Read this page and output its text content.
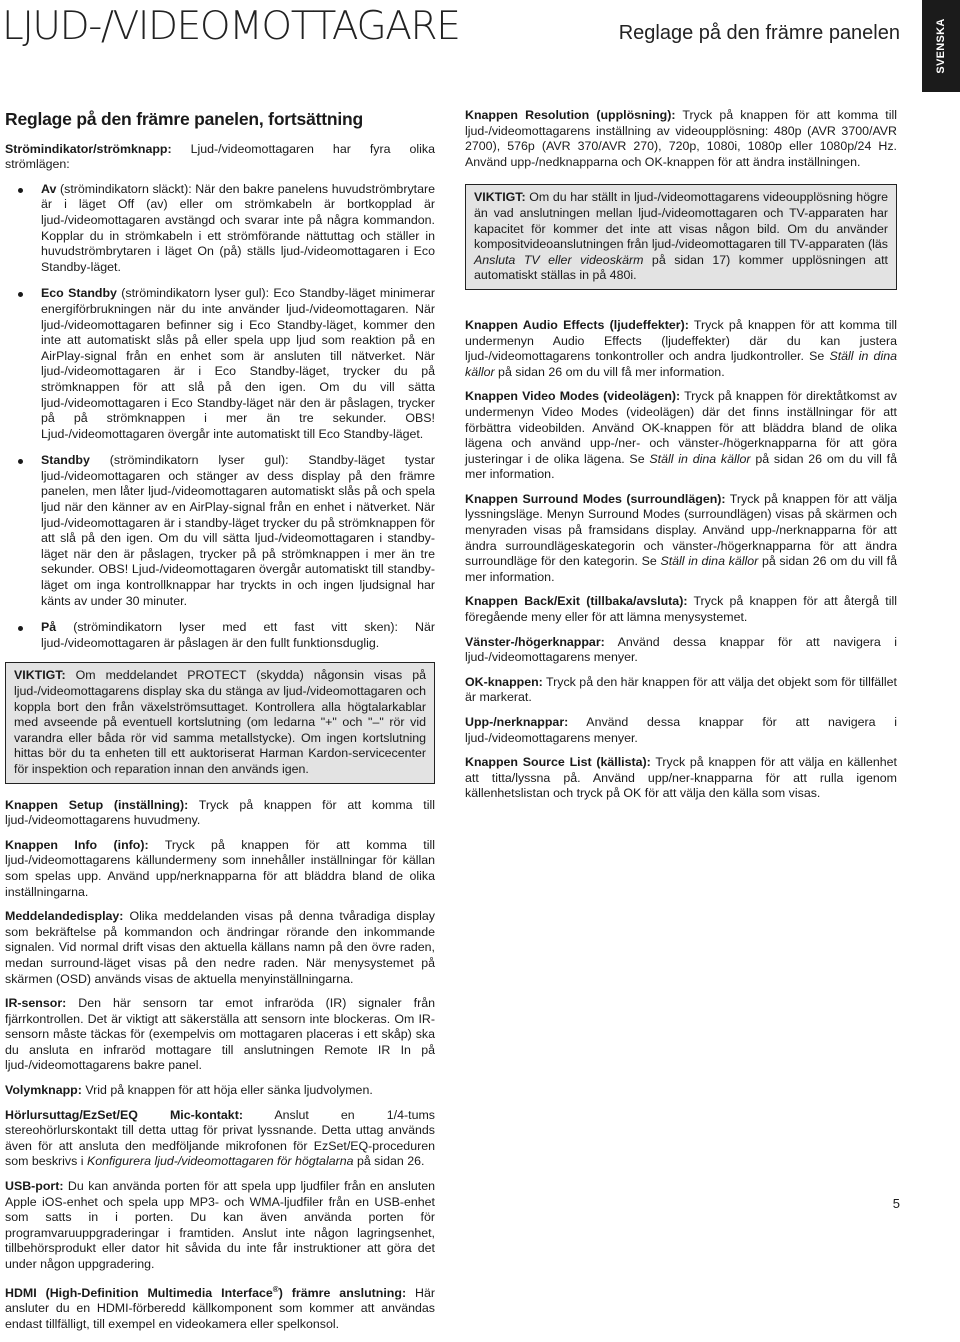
LJUD-/VIDEOMOTTAGARE	Reglage på den främre panelen	SVENSKA
Reglage på den främre panelen, fortsättning
Strömindikator/strömknapp: Ljud-/videomottagaren har fyra olika strömlägen:
Av (strömindikatorn släckt): När den bakre panelens huvudströmbrytare är i läget Off (av) eller om strömkabeln är bortkopplad är ljud-/videomottagaren avstängd och svarar inte på några kommandon. Kopplar du in strömkabeln i ett strömförande nättuttag och ställer in huvudströmbrytaren i läget On (på) ställs ljud-/videomottagaren i Eco Standby-läget.
Eco Standby (strömindikatorn lyser gul): Eco Standby-läget minimerar energiförbrukningen när du inte använder ljud-/videomottagaren. När ljud-/videomottagaren befinner sig i Eco Standby-läget, kommer den inte att automatiskt slås på eller spela upp ljud som reaktion på en AirPlay-signal från en enhet som är ansluten till nätverket. När ljud-/videomottagaren är i Eco Standby-läget, trycker du på strömknappen för att slå på den igen. Om du vill sätta ljud-/videomottagaren i Eco Standby-läget när den är påslagen, trycker på på strömknappen i mer än tre sekunder. OBS! Ljud-/videomottagaren övergår inte automatiskt till Eco Standby-läget.
Standby (strömindikatorn lyser gul): Standby-läget tystar ljud-/videomottagaren och stänger av dess display på den främre panelen, men låter ljud-/videomottagaren automatiskt slås på och spela ljud när den känner av en AirPlay-signal från en enhet i nätverket. När ljud-/videomottagaren är i standby-läget trycker du på strömknappen för att slå på den igen. Om du vill sätta ljud-/videomottagaren i standby-läget när den är påslagen, trycker på på strömknappen i mer än tre sekunder. OBS! Ljud-/videomottagaren övergår automatiskt till standby-läget om inga kontrollknappar har tryckts in och ingen ljudsignal har känts av under 30 minuter.
På (strömindikatorn lyser med ett fast vitt sken): När ljud-/videomottagaren är påslagen är den fullt funktionsduglig.
VIKTIGT: Om meddelandet PROTECT (skydda) någonsin visas på ljud-/videomottagarens display ska du stänga av ljud-/videomottagaren och koppla bort den från växelströmsuttaget. Kontrollera alla högtalarkablar med avseende på eventuell kortslutning (om ledarna "+" och "–" rör vid varandra eller båda rör vid samma metallstycke). Om ingen kortslutning hittas bör du ta enheten till ett auktoriserat Harman Kardon-servicecenter för inspektion och reparation innan den används igen.
Knappen Setup (inställning): Tryck på knappen för att komma till ljud-/videomottagarens huvudmeny.
Knappen Info (info): Tryck på knappen för att komma till ljud-/videomottagarens källundermeny som innehåller inställningar för källan som spelas upp. Använd upp/nerknapparna för att bläddra bland de olika inställningarna.
Meddelandedisplay: Olika meddelanden visas på denna tvåradiga display som bekräftelse på kommandon och ändringar rörande den inkommande signalen. Vid normal drift visas den aktuella källans namn på den övre raden, medan surround-läget visas på den nedre raden. När menysystemet på skärmen (OSD) används visas de aktuella menyinställningarna.
IR-sensor: Den här sensorn tar emot infraröda (IR) signaler från fjärrkontrollen. Det är viktigt att säkerställa att sensorn inte blockeras. Om IR-sensorn måste täckas för (exempelvis om mottagaren placeras i ett skåp) ska du ansluta en infraröd mottagare till anslutningen Remote IR In på ljud-/videomottagarens bakre panel.
Volymknapp: Vrid på knappen för att höja eller sänka ljudvolymen.
Hörlursuttag/EzSet/EQ Mic-kontakt: Anslut en 1/4-tums stereohörlurskontakt till detta uttag för privat lyssnande. Detta uttag används även för att ansluta den medföljande mikrofonen för EzSet/EQ-proceduren som beskrivs i Konfigurera ljud-/videomottagaren för högtalarna på sidan 26.
USB-port: Du kan använda porten för att spela upp ljudfiler från en ansluten Apple iOS-enhet och spela upp MP3- och WMA-ljudfiler från en USB-enhet som satts in i porten. Du kan även använda porten för programvaruuppgraderingar i framtiden. Anslut inte någon lagringsenhet, tillbehörsprodukt eller dator hit såvida du inte får instruktioner att göra det under någon uppgradering.
HDMI (High-Definition Multimedia Interface®) främre anslutning: Här ansluter du en HDMI-förberedd källkomponent som kommer att användas endast tillfälligt, till exempel en videokamera eller spelkonsol.
Knappen Resolution (upplösning): Tryck på knappen för att komma till ljud-/videomottagarens inställning av videoupplösning: 480p (AVR 3700/AVR 2700), 576p (AVR 370/AVR 270), 720p, 1080i, 1080p eller 1080p/24 Hz. Använd upp-/nedknapparna och OK-knappen för att ändra inställningen.
VIKTIGT: Om du har ställt in ljud-/videomottagarens videoupplösning högre än vad anslutningen mellan ljud-/videomottagaren och TV-apparaten har kapacitet för kommer det inte att visas någon bild. Om du använder kompositvideoanslutningen från ljud-/videomottagaren till TV-apparaten (läs Ansluta TV eller videoskärm på sidan 17) kommer upplösningen att automatiskt ställas in på 480i.
Knappen Audio Effects (ljudeffekter): Tryck på knappen för att komma till undermenyn Audio Effects (ljudeffekter) där du kan justera ljud-/videomottagarens tonkontroller och andra ljudkontroller. Se Ställ in dina källor på sidan 26 om du vill få mer information.
Knappen Video Modes (videolägen): Tryck på knappen för direktåtkomst av undermenyn Video Modes (videolägen) där det finns inställningar för att förbättra videobilden. Använd OK-knappen för att bläddra bland de olika lägena och använd upp-/ner- och vänster-/högerknapparna för att göra justeringar i de olika lägena. Se Ställ in dina källor på sidan 26 om du vill få mer information.
Knappen Surround Modes (surroundlägen): Tryck på knappen för att välja lyssningsläge. Menyn Surround Modes (surroundlägen) visas på skärmen och menyraden visas på framsidans display. Använd upp-/nerknapparna för att ändra surroundlägeskategorin och vänster-/högerknapparna för att ändra surroundläge för den kategorin. Se Ställ in dina källor på sidan 26 om du vill få mer information.
Knappen Back/Exit (tillbaka/avsluta): Tryck på knappen för att återgå till föregående meny eller för att lämna menysystemet.
Vänster-/högerknappar: Använd dessa knappar för att navigera i ljud-/videomottagarens menyer.
OK-knappen: Tryck på den här knappen för att välja det objekt som för tillfället är markerat.
Upp-/nerknappar: Använd dessa knappar för att navigera i ljud-/videomottagarens menyer.
Knappen Source List (källista): Tryck på knappen för att välja en källenhet att titta/lyssna på. Använd upp/ner-knapparna för att rulla igenom källenhetslistan och tryck på OK för att välja den källa som visas.
5
